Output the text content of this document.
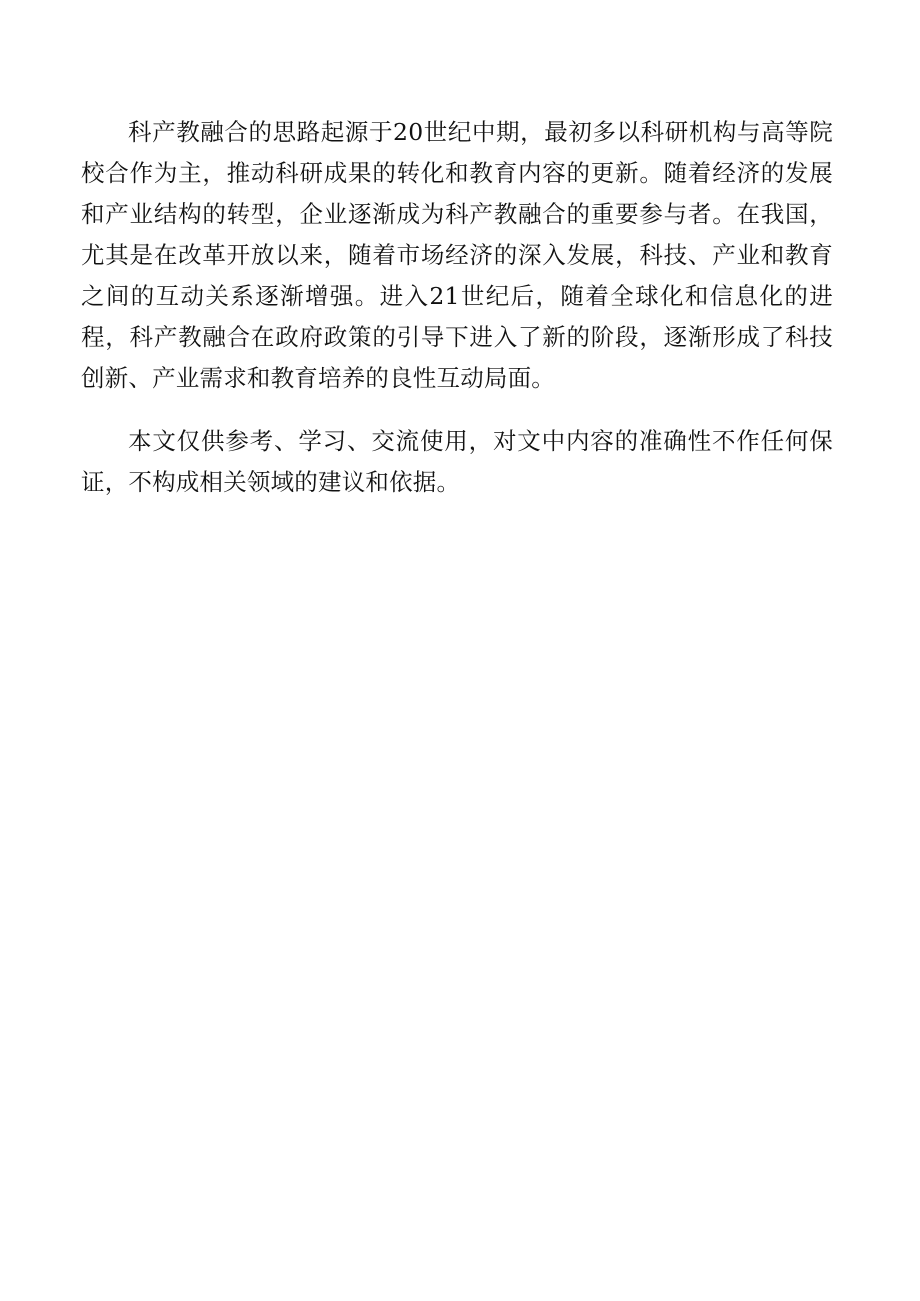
科产教融合的思路起源于20世纪中期，最初多以科研机构与高等院校合作为主，推动科研成果的转化和教育内容的更新。随着经济的发展和产业结构的转型，企业逐渐成为科产教融合的重要参与者。在我国，尤其是在改革开放以来，随着市场经济的深入发展，科技、产业和教育之间的互动关系逐渐增强。进入21世纪后，随着全球化和信息化的进程，科产教融合在政府政策的引导下进入了新的阶段，逐渐形成了科技创新、产业需求和教育培养的良性互动局面。

本文仅供参考、学习、交流使用，对文中内容的准确性不作任何保证，不构成相关领域的建议和依据。
